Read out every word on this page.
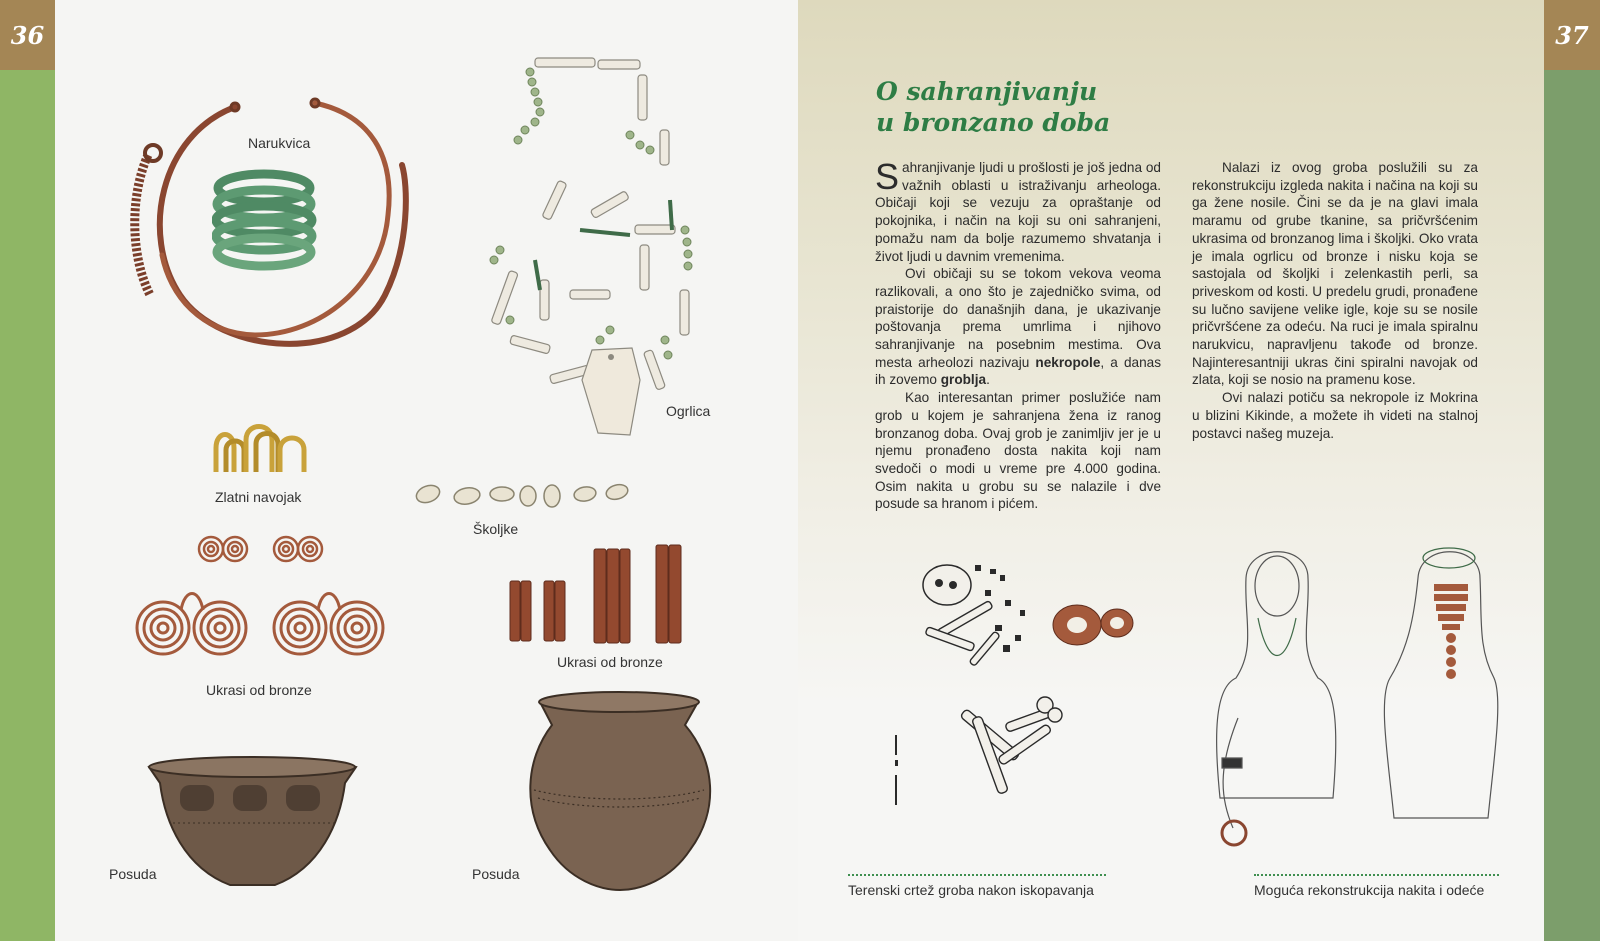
36	37
Narukvica
Ogrlica
Zlatni navojak
Školjke
Ukrasi od bronze
Ukrasi od bronze
Posuda	Posuda
O sahranjivanju
u bronzano doba

Sahranjivanje ljudi u prošlosti je još jedna od važnih oblasti u istraživanju arheologa. Običaji koji se vezuju za opraštanje od pokojnika, i način na koji su oni sahranjeni, pomažu nam da bolje razumemo shvatanja i život ljudi u davnim vremenima.

Ovi običaji su se tokom vekova veoma razlikovali, a ono što je zajedničko svima, od praistorije do današnjih dana, je ukazivanje poštovanja prema umrlima i njihovo sahranjivanje na posebnim mestima. Ova mesta arheolozi nazivaju nekropole, a danas ih zovemo groblja.

Kao interesantan primer poslužiće nam grob u kojem je sahranjena žena iz ranog bronzanog doba. Ovaj grob je zanimljiv jer je u njemu pronađeno dosta nakita koji nam svedoči o modi u vreme pre 4.000 godina. Osim nakita u grobu su se nalazile i dve posude sa hranom i pićem.

Nalazi iz ovog groba poslužili su za rekonstrukciju izgleda nakita i načina na koji su ga žene nosile. Čini se da je na glavi imala maramu od grube tkanine, sa pričvršćenim ukrasima od bronzanog lima i školjki. Oko vrata je imala ogrlicu od bronze i nisku koja se sastojala od školjki i zelenkastih perli, sa priveskom od kosti. U predelu grudi, pronađene su lučno savijene velike igle, koje su se nosile pričvršćene za odeću. Na ruci je imala spiralnu narukvicu, napravljenu takođe od bronze. Najinteresantniji ukras čini spiralni navojak od zlata, koji se nosio na pramenu kose.

Ovi nalazi potiču sa nekropole iz Mokrina u blizini Kikinde, a možete ih videti na stalnoj postavci našeg muzeja.

Terenski crtež groba nakon iskopavanja	Moguća rekonstrukcija nakita i odeće
